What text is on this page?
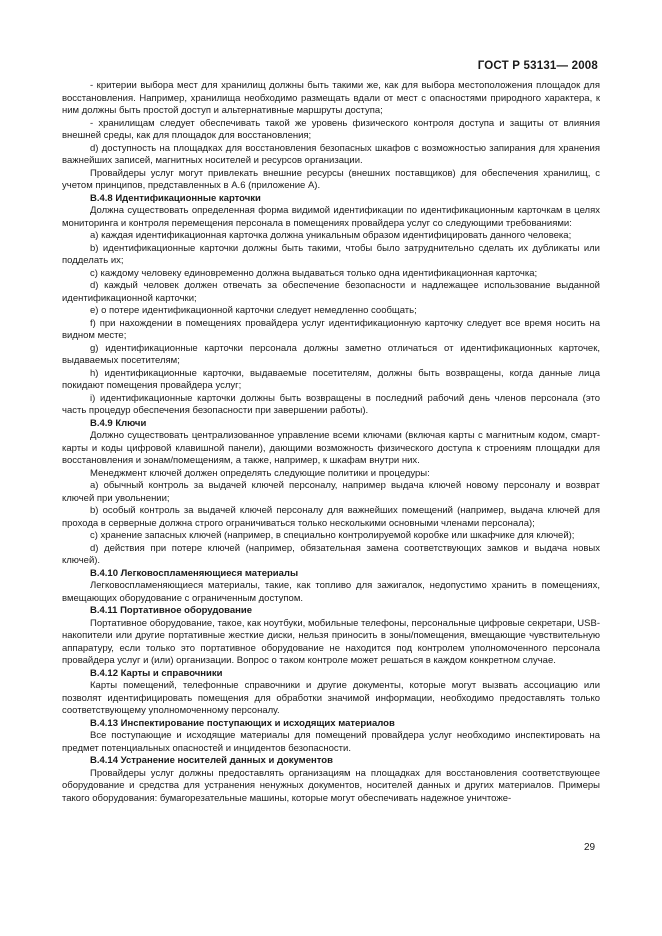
ГОСТ Р 53131— 2008

- критерии выбора мест для хранилищ должны быть такими же, как для выбора местоположения площадок для восстановления. Например, хранилища необходимо размещать вдали от мест с опасностями природного характера, к ним должны быть простой доступ и альтернативные маршруты доступа;

- хранилищам следует обеспечивать такой же уровень физического контроля доступа и защиты от влияния внешней среды, как для площадок для восстановления;

d) доступность на площадках для восстановления безопасных шкафов с возможностью запирания для хранения важнейших записей, магнитных носителей и ресурсов организации.

Провайдеры услуг могут привлекать внешние ресурсы (внешних поставщиков) для обеспечения хранилищ, с учетом принципов, представленных в А.6 (приложение А).

В.4.8 Идентификационные карточки

Должна существовать определенная форма видимой идентификации по идентификационным карточкам в целях мониторинга и контроля перемещения персонала в помещениях провайдера услуг со следующими требованиями:

а) каждая идентификационная карточка должна уникальным образом идентифицировать данного человека;

b) идентификационные карточки должны быть такими, чтобы было затруднительно сделать их дубликаты или подделать их;

с) каждому человеку единовременно должна выдаваться только одна идентификационная карточка;

d) каждый человек должен отвечать за обеспечение безопасности и надлежащее использование выданной идентификационной карточки;

е) о потере идентификационной карточки следует немедленно сообщать;

f) при нахождении в помещениях провайдера услуг идентификационную карточку следует все время носить на видном месте;

g) идентификационные карточки персонала должны заметно отличаться от идентификационных карточек, выдаваемых посетителям;

h) идентификационные карточки, выдаваемые посетителям, должны быть возвращены, когда данные лица покидают помещения провайдера услуг;

i) идентификационные карточки должны быть возвращены в последний рабочий день членов персонала (это часть процедур обеспечения безопасности при завершении работы).

В.4.9 Ключи

Должно существовать централизованное управление всеми ключами (включая карты с магнитным кодом, смарт-карты и коды цифровой клавишной панели), дающими возможность физического доступа к строениям площадки для восстановления и зонам/помещениям, а также, например, к шкафам внутри них.

Менеджмент ключей должен определять следующие политики и процедуры:

а) обычный контроль за выдачей ключей персоналу, например выдача ключей новому персоналу и возврат ключей при увольнении;

b) особый контроль за выдачей ключей персоналу для важнейших помещений (например, выдача ключей для прохода в серверные должна строго ограничиваться только несколькими основными членами персонала);

с) хранение запасных ключей (например, в специально контролируемой коробке или шкафчике для ключей);

d) действия при потере ключей (например, обязательная замена соответствующих замков и выдача новых ключей).

В.4.10 Легковоспламеняющиеся материалы

Легковоспламеняющиеся материалы, такие, как топливо для зажигалок, недопустимо хранить в помещениях, вмещающих оборудование с ограниченным доступом.

В.4.11 Портативное оборудование

Портативное оборудование, такое, как ноутбуки, мобильные телефоны, персональные цифровые секретари, USB-накопители или другие портативные жесткие диски, нельзя приносить в зоны/помещения, вмещающие чувствительную аппаратуру, если только это портативное оборудование не находится под контролем уполномоченного персонала провайдера услуг и (или) организации. Вопрос о таком контроле может решаться в каждом конкретном случае.

В.4.12 Карты и справочники

Карты помещений, телефонные справочники и другие документы, которые могут вызвать ассоциацию или позволят идентифицировать помещения для обработки значимой информации, необходимо предоставлять только соответствующему уполномоченному персоналу.

В.4.13 Инспектирование поступающих и исходящих материалов

Все поступающие и исходящие материалы для помещений провайдера услуг необходимо инспектировать на предмет потенциальных опасностей и инцидентов безопасности.

В.4.14 Устранение носителей данных и документов

Провайдеры услуг должны предоставлять организациям на площадках для восстановления соответствующее оборудование и средства для устранения ненужных документов, носителей данных и других материалов. Примеры такого оборудования: бумагорезательные машины, которые могут обеспечивать надежное уничтоже-

29
